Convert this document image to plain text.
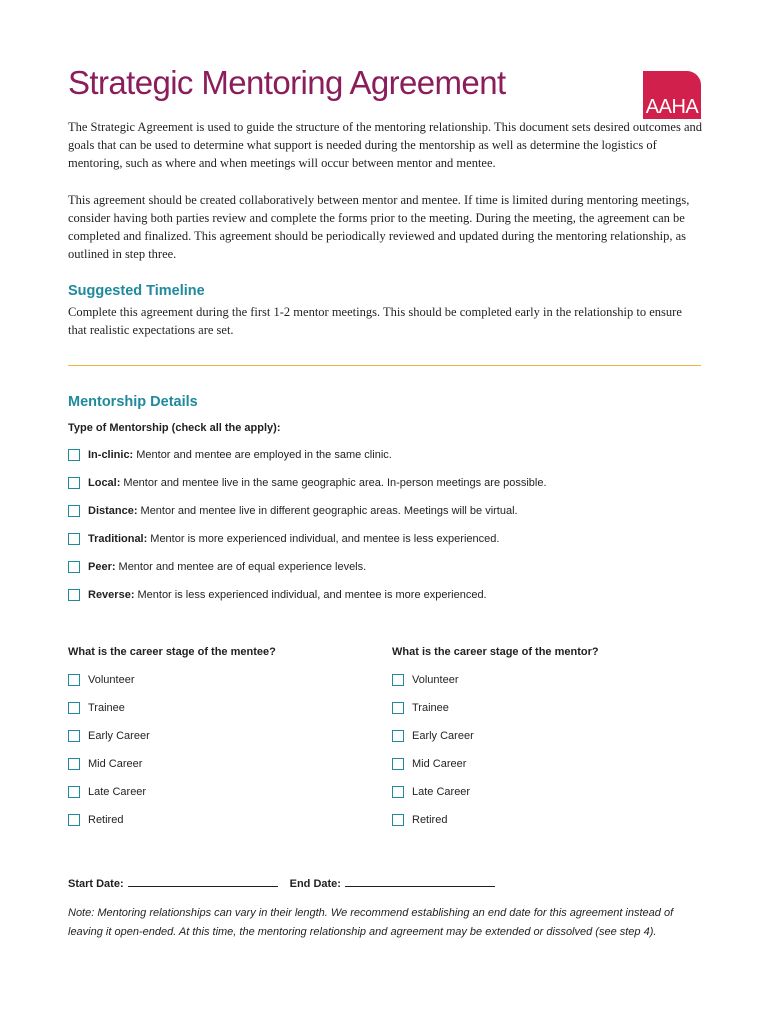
Strategic Mentoring Agreement
AAHA

The Strategic Agreement is used to guide the structure of the mentoring relationship. This document sets desired outcomes and goals that can be used to determine what support is needed during the mentorship as well as determine the logistics of mentoring, such as where and when meetings will occur between mentor and mentee.

This agreement should be created collaboratively between mentor and mentee. If time is limited during mentoring meetings, consider having both parties review and complete the forms prior to the meeting. During the meeting, the agreement can be completed and finalized. This agreement should be periodically reviewed and updated during the mentoring relationship, as outlined in step three.

Suggested Timeline

Complete this agreement during the first 1-2 mentor meetings. This should be completed early in the relationship to ensure that realistic expectations are set.

Mentorship Details

Type of Mentorship (check all the apply):

In-clinic: Mentor and mentee are employed in the same clinic.
Local: Mentor and mentee live in the same geographic area. In-person meetings are possible.
Distance: Mentor and mentee live in different geographic areas. Meetings will be virtual.
Traditional: Mentor is more experienced individual, and mentee is less experienced.
Peer: Mentor and mentee are of equal experience levels.
Reverse: Mentor is less experienced individual, and mentee is more experienced.

What is the career stage of the mentee?	What is the career stage of the mentor?

Volunteer
Trainee
Early Career
Mid Career
Late Career
Retired
Volunteer
Trainee
Early Career
Mid Career
Late Career
Retired
Start Date:	End Date:

Note: Mentoring relationships can vary in their length. We recommend establishing an end date for this agreement instead of leaving it open-ended. At this time, the mentoring relationship and agreement may be extended or dissolved (see step 4).
